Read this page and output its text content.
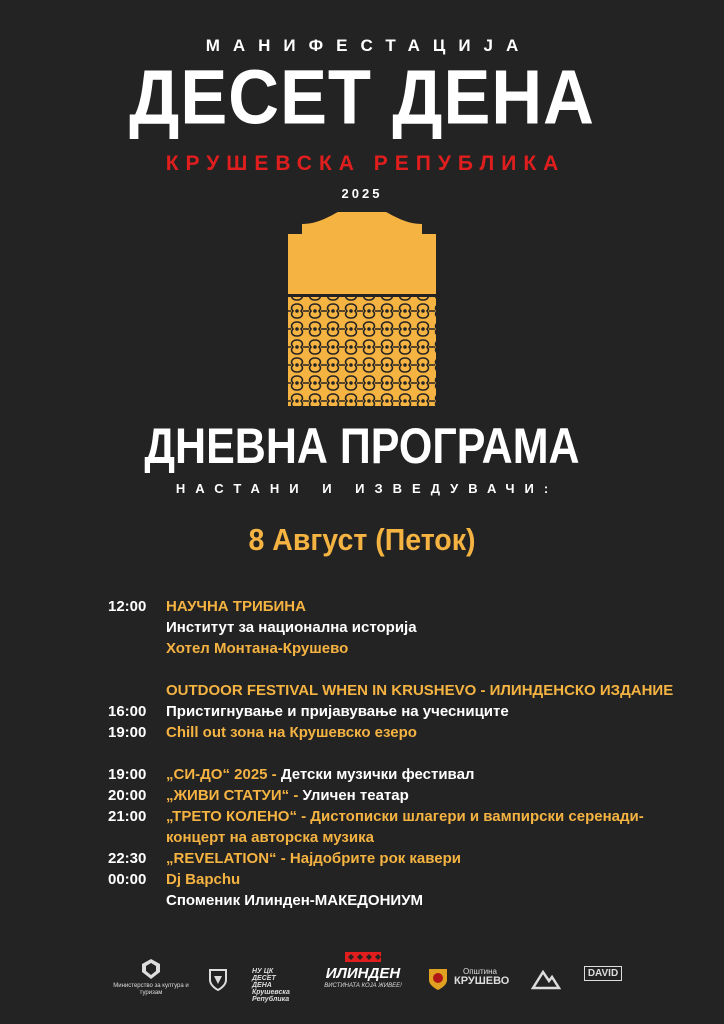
МАНИФЕСТАЦИЈА
ДЕСЕТ ДЕНА
КРУШЕВСКА РЕПУБЛИКА
2025
ДНЕВНА ПРОГРАМА
НАСТАНИ И ИЗВЕДУВАЧИ:
8 Август (Петок)
12:00	НАУЧНА ТРИБИНА
Институт за национална историја
Хотел Монтана-Крушево
OUTDOOR FESTIVAL WHEN IN KRUSHEVO - ИЛИНДЕНСКО ИЗДАНИЕ
16:00	Пристигнување и пријавување на учесниците
19:00	Chill out зона на Крушевско езеро
19:00	„СИ-ДО“ 2025 - Детски музички фестивал
20:00	„ЖИВИ СТАТУИ“ - Уличен театар
21:00	„ТРЕТО КОЛЕНО“ - Дистописки шлагери и вампирски серенади-
концерт на авторска музика
22:30	„REVELATION“ - Најдобрите рок кавери
00:00	Dj Bapchu
Споменик Илинден-МАКЕДОНИУМ
Министерство за култура и туризам
НУ ЦК ДЕСЕТ ДЕНА Крушевска Република
ИЛИНДЕН
ВИСТИНАТА КОЈА ЖИВЕЕ!
Општина
КРУШЕВО
DAVID
